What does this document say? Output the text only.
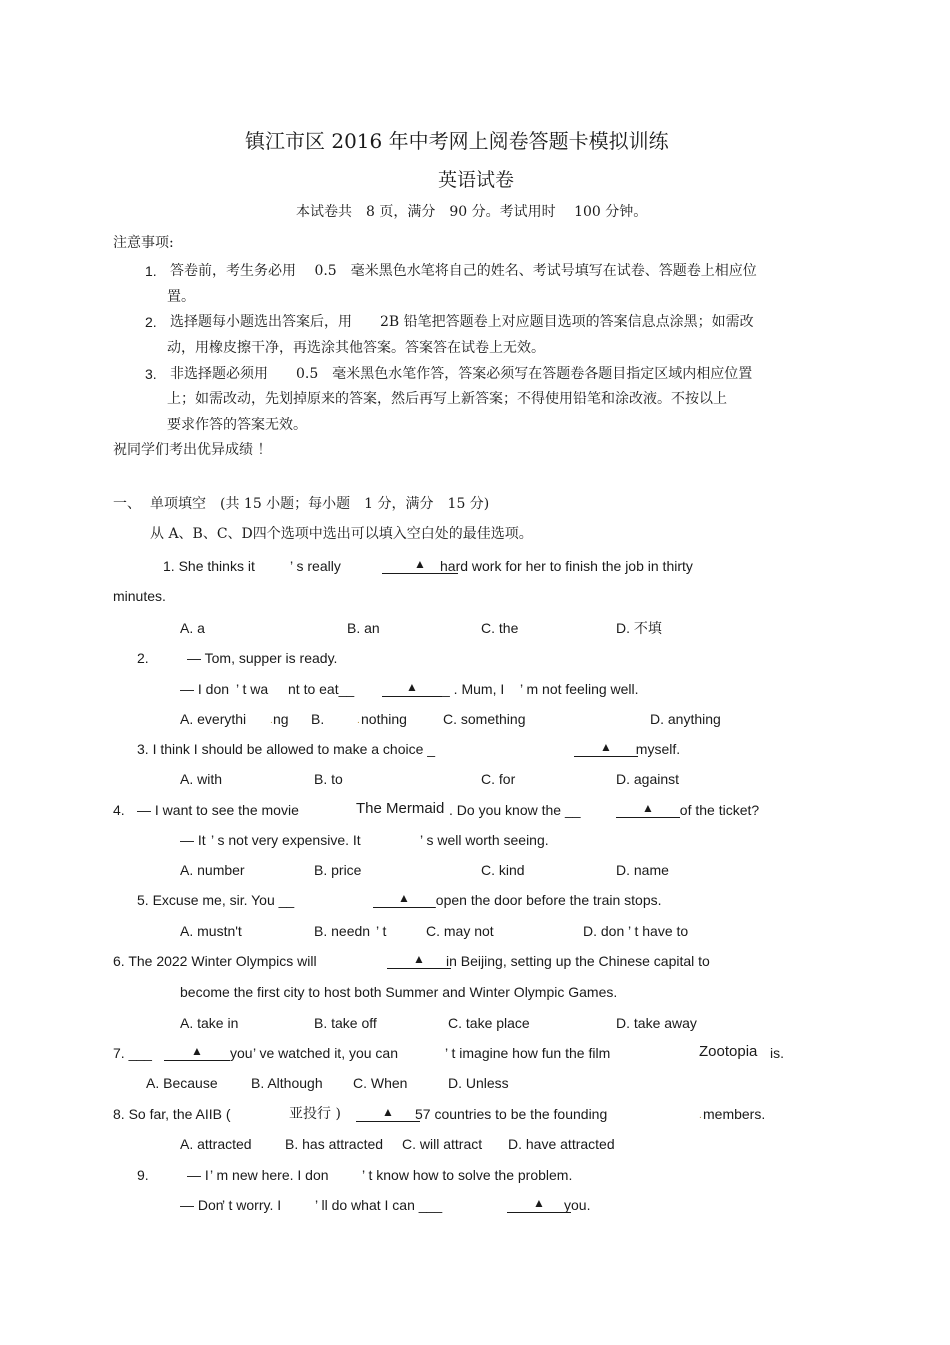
镇江市区 2016 年中考网上阅卷答题卡模拟训练
英语试卷
本试卷共　8 页，满分　90 分。考试用时　 100 分钟。
注意事项:
1. 答卷前，考生务必用　 0.5　毫米黑色水笔将自己的姓名、考试号填写在试卷、答题卷上相应位
置。
2. 选择题每小题选出答案后，用　　2B 铅笔把答题卷上对应题目选项的答案信息点涂黑；如需改
动，用橡皮擦干净，再选涂其他答案。答案答在试卷上无效。
3. 非选择题必须用　　0.5　毫米黑色水笔作答，答案必须写在答题卷各题目指定区域内相应位置
上；如需改动，先划掉原来的答案，然后再写上新答案；不得使用铅笔和涂改液。不按以上
要求作答的答案无效。
祝同学们考出优异成绩 ！
一、 单项填空　(共 15 小题；每小题　1 分，满分　15 分)
从 A、B、C、D四个选项中选出可以填入空白处的最佳选项。
1. She thinks it	’ s really	▲	hard work for her to finish the job in thirty
minutes.
A. a	B. an	C. the	D. 不填
2.	— Tom, supper is ready.
— I don ’ t wa nt to eat__	▲	_ . Mum, I ’ m not feeling well.
A. everythi . ng B.	. nothing	C. something	D. anything
3. I think I should be allowed to make a choice _	▲	_myself.
A. with	B. to	C. for	D. against
4. — I want to see the movie	The Mermaid . Do you know the __	▲	_of the ticket?
— It ’ s not very expensive. It	’ s well worth seeing.
A. number	B. price	C. kind	D. name
5. Excuse me, sir. You __	▲	_open the door before the train stops.
A. mustn't	B. needn ’ t	C. may not	D. don ’ t have to
6. The 2022 Winter Olympics will	▲	in Beijing, setting up the Chinese capital to
become the first city to host both Summer and Winter Olympic Games.
A. take in	B. take off	C. take place	D. take away
7. ___	▲	you ’ ve watched it, you can	’ t imagine how fun the film	Zootopia is.
A. Because B. Although C. When	D. Unless
8. So far, the AIIB (	亚投行 )	▲	57 countries to be the founding	. members.
A. attracted B. has attracted C. will attract D. have attracted
9.	— I ’ m new here. I don ’ t know how to solve the problem.
— Don
’ t worry. I ’ ll do what I can ___	▲	you.
